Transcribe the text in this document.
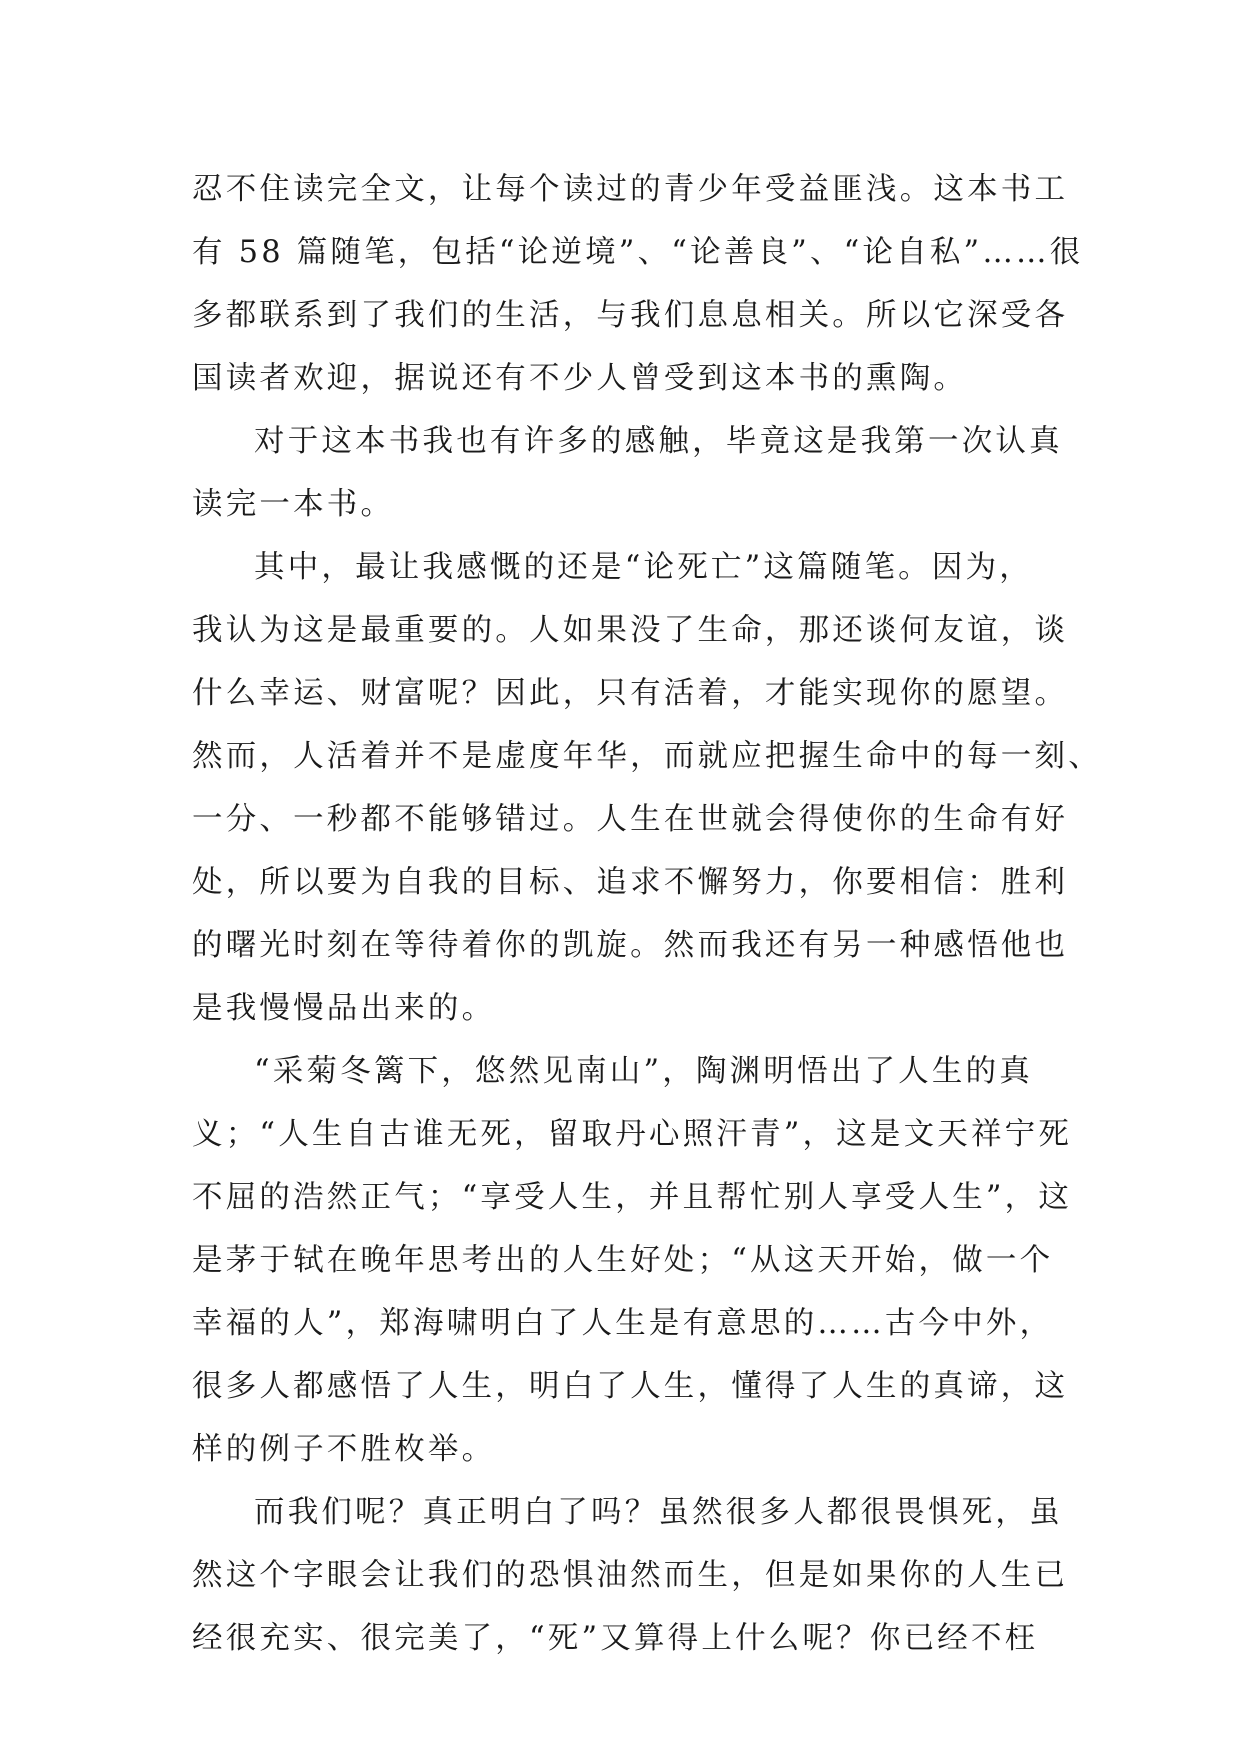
忍不住读完全文，让每个读过的青少年受益匪浅。这本书工
有 58 篇随笔，包括“论逆境”、“论善良”、“论自私”……很
多都联系到了我们的生活，与我们息息相关。所以它深受各
国读者欢迎，据说还有不少人曾受到这本书的熏陶。
对于这本书我也有许多的感触，毕竟这是我第一次认真
读完一本书。
其中，最让我感慨的还是“论死亡”这篇随笔。因为，
我认为这是最重要的。人如果没了生命，那还谈何友谊，谈
什么幸运、财富呢？因此，只有活着，才能实现你的愿望。
然而，人活着并不是虚度年华，而就应把握生命中的每一刻、
一分、一秒都不能够错过。人生在世就会得使你的生命有好
处，所以要为自我的目标、追求不懈努力，你要相信：胜利
的曙光时刻在等待着你的凯旋。然而我还有另一种感悟他也
是我慢慢品出来的。
“采菊冬篱下，悠然见南山”，陶渊明悟出了人生的真
义；“人生自古谁无死，留取丹心照汗青”，这是文天祥宁死
不屈的浩然正气；“享受人生，并且帮忙别人享受人生”，这
是茅于轼在晚年思考出的人生好处；“从这天开始，做一个
幸福的人”，郑海啸明白了人生是有意思的……古今中外，
很多人都感悟了人生，明白了人生，懂得了人生的真谛，这
样的例子不胜枚举。
而我们呢？真正明白了吗？虽然很多人都很畏惧死，虽
然这个字眼会让我们的恐惧油然而生，但是如果你的人生已
经很充实、很完美了，“死”又算得上什么呢？你已经不枉
